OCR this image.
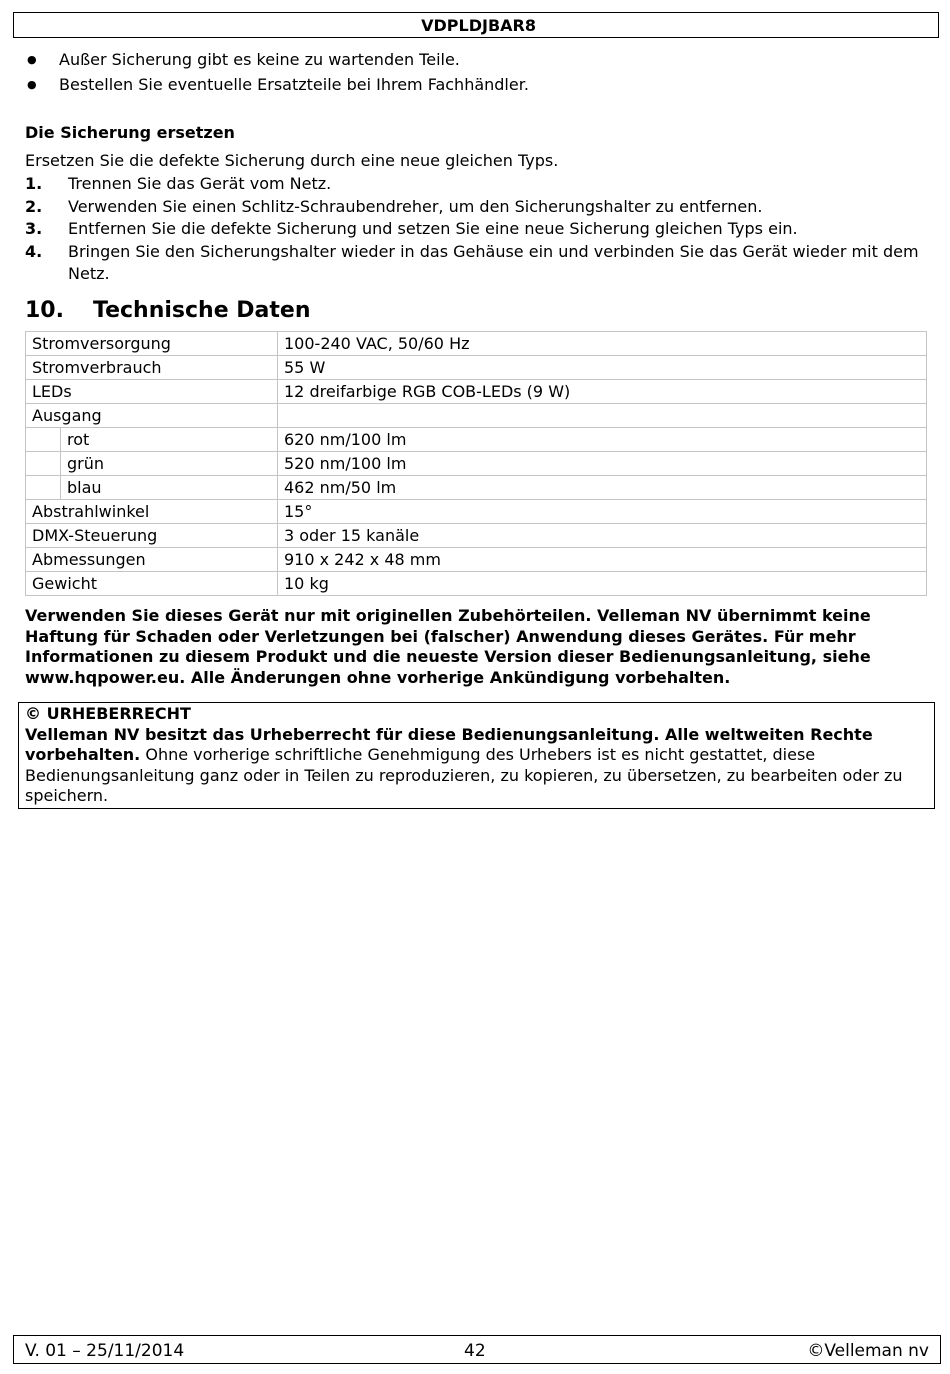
VDPLDJBAR8
● Außer Sicherung gibt es keine zu wartenden Teile.
● Bestellen Sie eventuelle Ersatzteile bei Ihrem Fachhändler.
Die Sicherung ersetzen

Ersetzen Sie die defekte Sicherung durch eine neue gleichen Typs.

1. Trennen Sie das Gerät vom Netz.
2. Verwenden Sie einen Schlitz-Schraubendreher, um den Sicherungshalter zu entfernen.
3. Entfernen Sie die defekte Sicherung und setzen Sie eine neue Sicherung gleichen Typs ein.
4. Bringen Sie den Sicherungshalter wieder in das Gehäuse ein und verbinden Sie das Gerät wieder mit dem Netz.
10. Technische Daten
Stromversorgung	100-240 VAC, 50/60 Hz
Stromverbrauch	55 W
LEDs	12 dreifarbige RGB COB-LEDs (9 W)
Ausgang	

rot	620 nm/100 lm

grün	520 nm/100 lm

blau	462 nm/50 lm
Abstrahlwinkel	15°
DMX-Steuerung	3 oder 15 kanäle
Abmessungen	910 x 242 x 48 mm
Gewicht	10 kg

Verwenden Sie dieses Gerät nur mit originellen Zubehörteilen. Velleman NV übernimmt keine Haftung für Schaden oder Verletzungen bei (falscher) Anwendung dieses Gerätes. Für mehr Informationen zu diesem Produkt und die neueste Version dieser Bedienungsanleitung, siehe www.hqpower.eu. Alle Änderungen ohne vorherige Ankündigung vorbehalten.

© URHEBERRECHT
Velleman NV besitzt das Urheberrecht für diese Bedienungsanleitung. Alle weltweiten Rechte vorbehalten. Ohne vorherige schriftliche Genehmigung des Urhebers ist es nicht gestattet, diese Bedienungsanleitung ganz oder in Teilen zu reproduzieren, zu kopieren, zu übersetzen, zu bearbeiten oder zu speichern.
V. 01 – 25/11/2014	42	©Velleman nv
